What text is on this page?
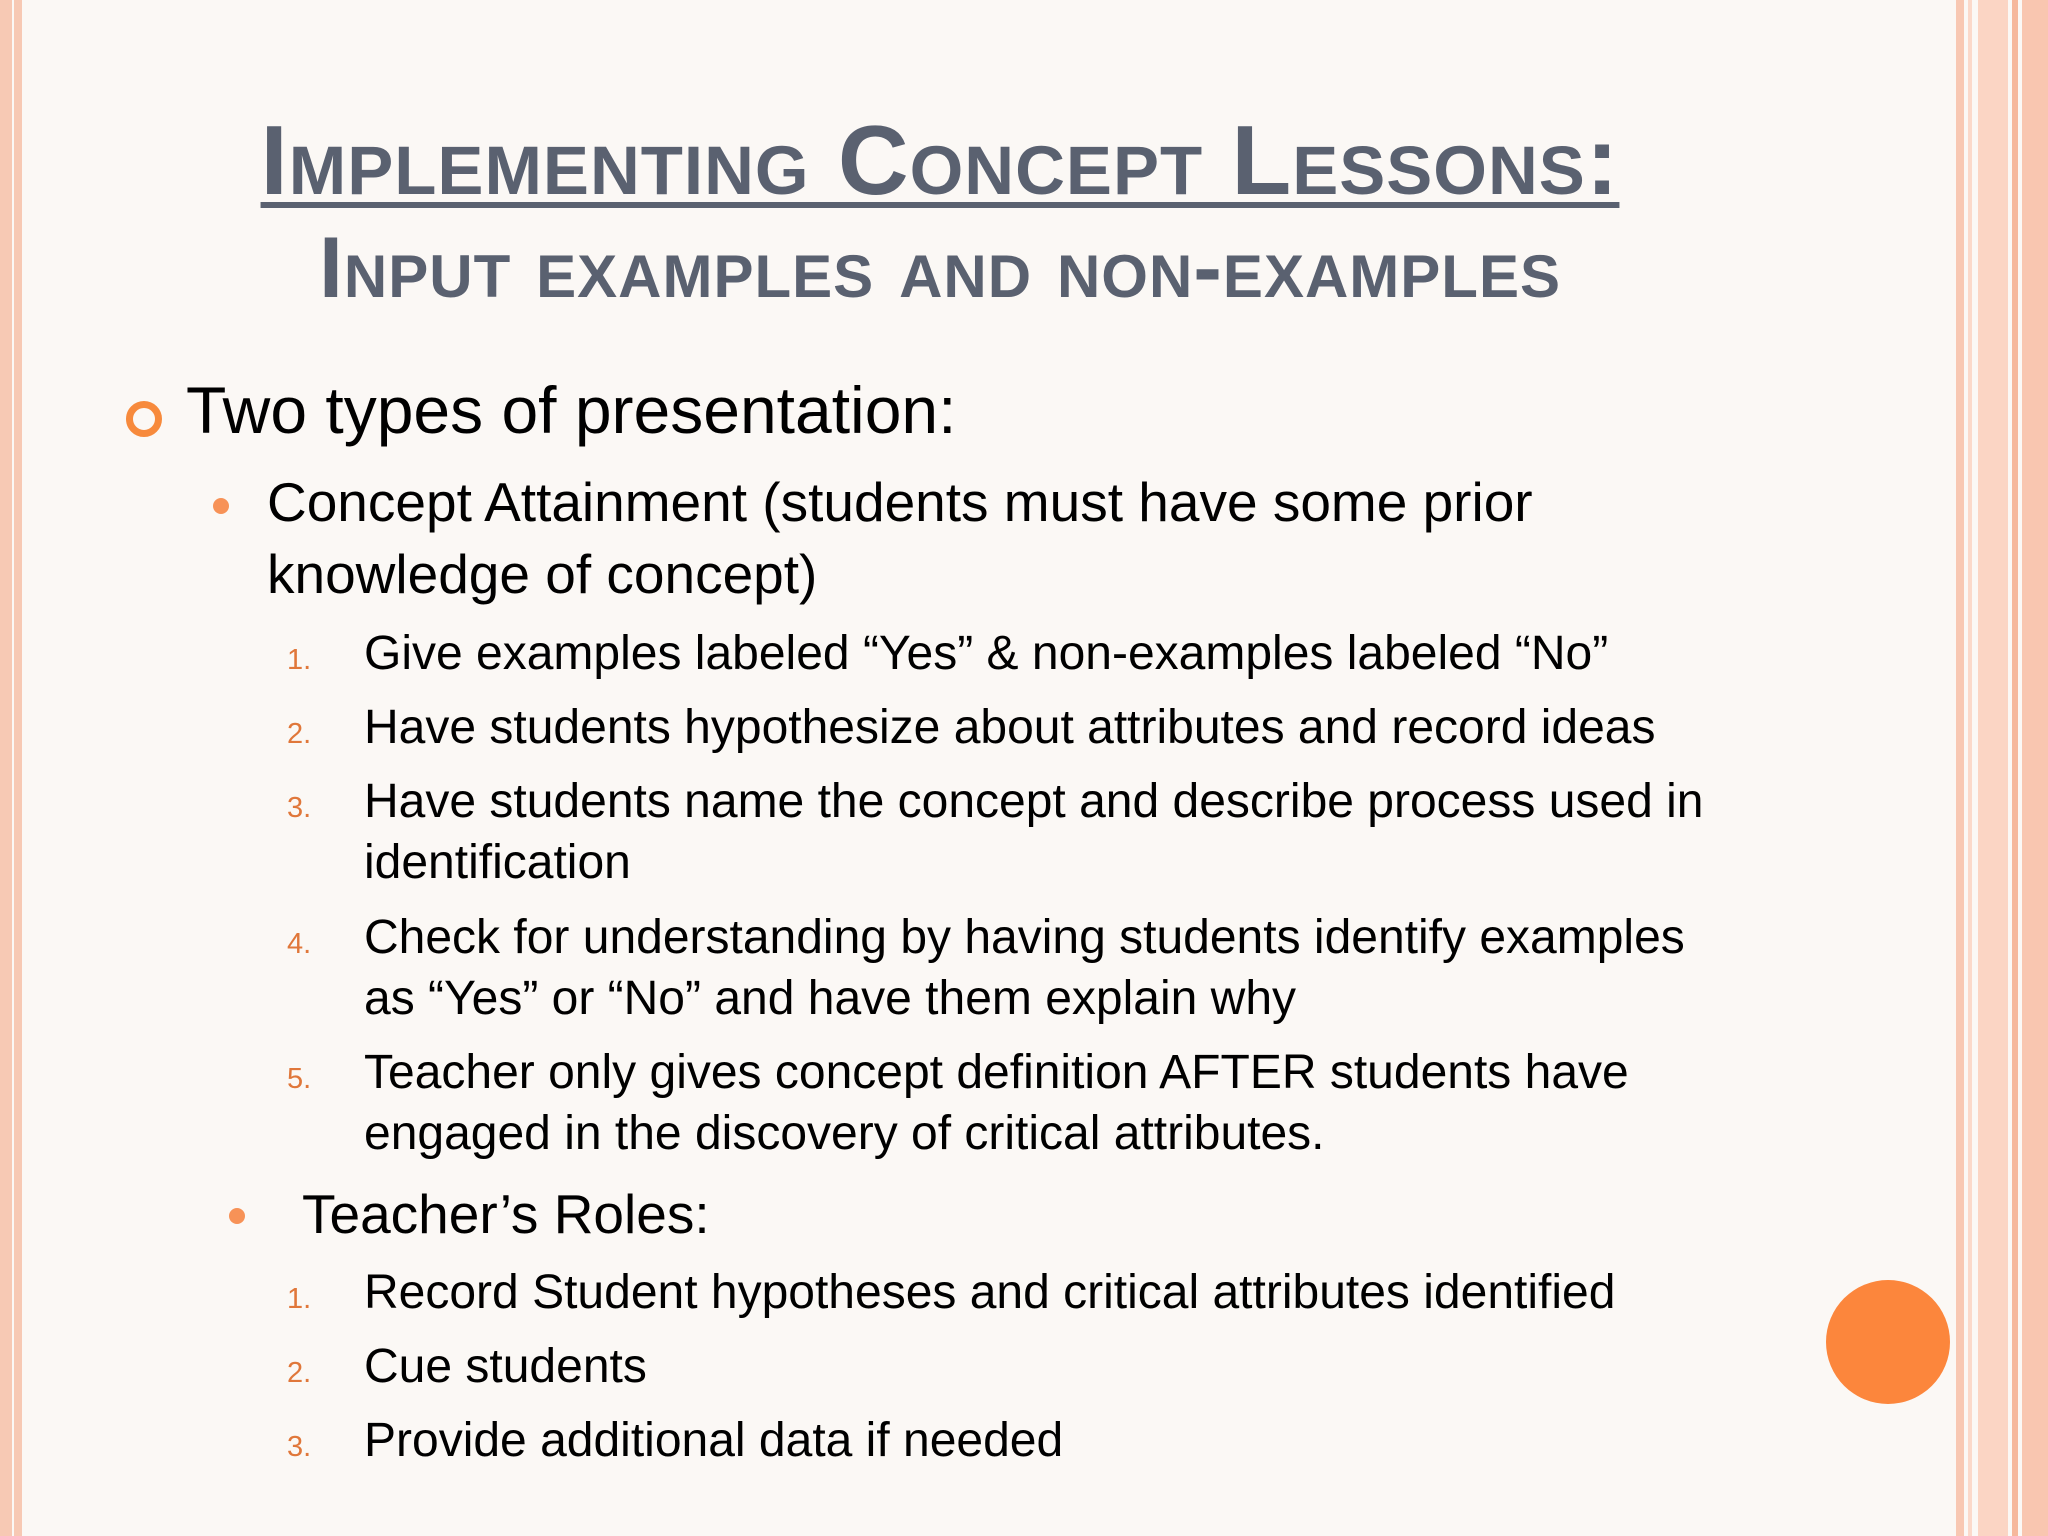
Implementing Concept Lessons:
Input examples and non-examples
Two types of presentation:
Concept Attainment (students must have some prior
knowledge of concept)
1. Give examples labeled “Yes” & non-examples labeled “No”
2. Have students hypothesize about attributes and record ideas
3. Have students name the concept and describe process used in
identification
4. Check for understanding by having students identify examples
as “Yes” or “No” and have them explain why
5. Teacher only gives concept definition AFTER students have
engaged in the discovery of critical attributes.
Teacher’s Roles:
1. Record Student hypotheses and critical attributes identified
2. Cue students
3. Provide additional data if needed
